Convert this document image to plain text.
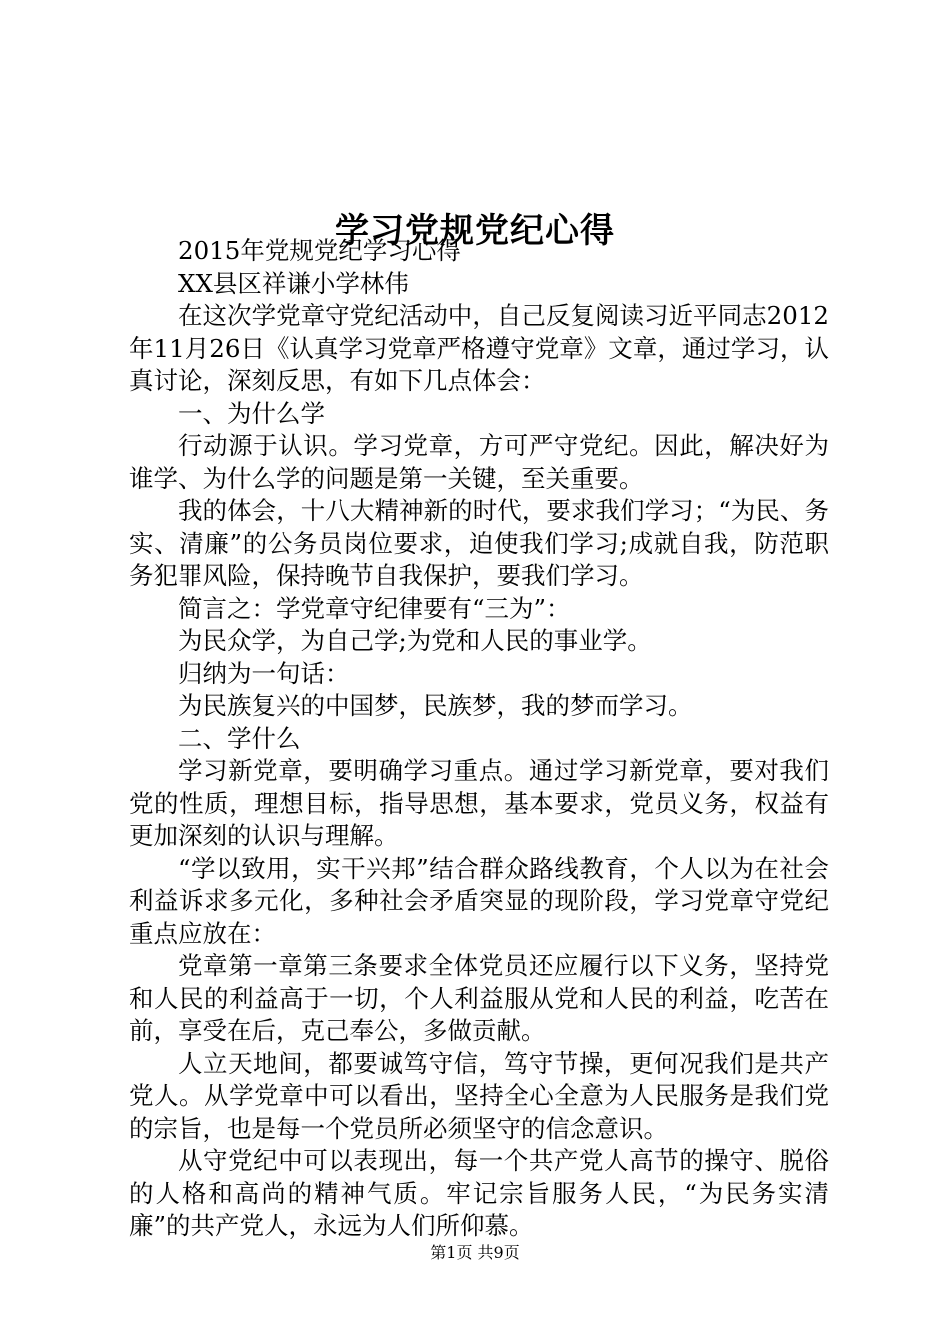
学习党规党纪心得

2015年党规党纪学习心得

XX县区祥谦小学林伟

在这次学党章守党纪活动中，自己反复阅读习近平同志2012年11月26日《认真学习党章严格遵守党章》文章，通过学习，认真讨论，深刻反思，有如下几点体会：

一、为什么学

行动源于认识。学习党章，方可严守党纪。因此，解决好为谁学、为什么学的问题是第一关键，至关重要。

我的体会，十八大精神新的时代，要求我们学习；“为民、务实、清廉”的公务员岗位要求，迫使我们学习;成就自我，防范职务犯罪风险，保持晚节自我保护，要我们学习。

简言之：学党章守纪律要有“三为”：

为民众学，为自己学;为党和人民的事业学。

归纳为一句话：

为民族复兴的中国梦，民族梦，我的梦而学习。

二、学什么

学习新党章，要明确学习重点。通过学习新党章，要对我们党的性质，理想目标，指导思想，基本要求，党员义务，权益有更加深刻的认识与理解。

“学以致用，实干兴邦”结合群众路线教育，个人以为在社会利益诉求多元化，多种社会矛盾突显的现阶段，学习党章守党纪重点应放在：

党章第一章第三条要求全体党员还应履行以下义务，坚持党和人民的利益高于一切，个人利益服从党和人民的利益，吃苦在前，享受在后，克己奉公，多做贡献。

人立天地间，都要诚笃守信，笃守节操，更何况我们是共产党人。从学党章中可以看出，坚持全心全意为人民服务是我们党的宗旨，也是每一个党员所必须坚守的信念意识。

从守党纪中可以表现出，每一个共产党人高节的操守、脱俗的人格和高尚的精神气质。牢记宗旨服务人民，“为民务实清廉”的共产党人，永远为人们所仰慕。

第1页 共9页
